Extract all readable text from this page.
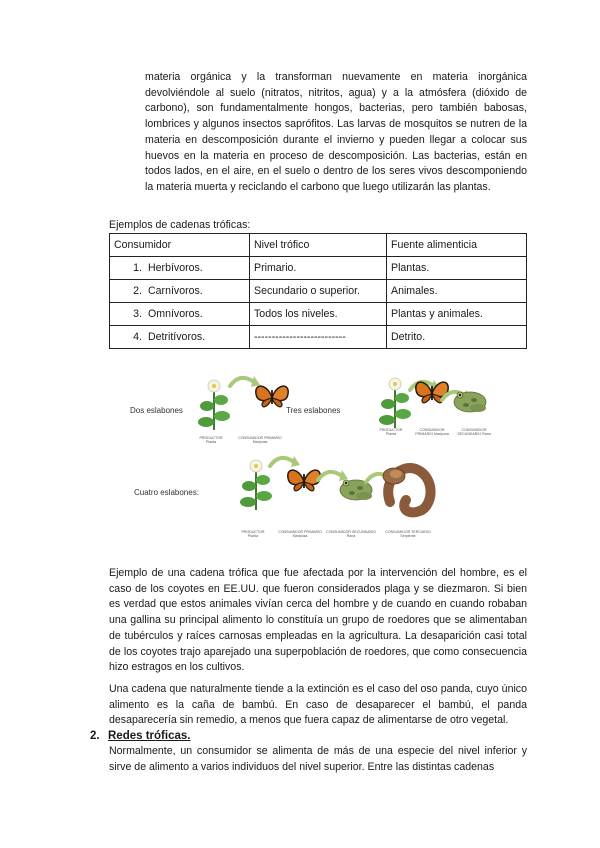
materia orgánica y la transforman nuevamente en materia inorgánica devolviéndole al suelo (nitratos, nitritos, agua) y a la atmósfera (dióxido de carbono), son fundamentalmente hongos, bacterias, pero también babosas, lombrices y algunos insectos saprófitos. Las larvas de mosquitos se nutren de la materia en descomposición durante el invierno y pueden llegar a colocar sus huevos en la materia en proceso de descomposición. Las bacterias, están en todos lados, en el aire, en el suelo o dentro de los seres vivos descomponiendo la materia muerta y reciclando el carbono que luego utilizarán las plantas.
Ejemplos de cadenas tróficas:
Consumidor	Nivel trófico	Fuente alimenticia
1. Herbívoros.	Primario.	Plantas.
2. Carnívoros.	Secundario o superior.	Animales.
3. Omnívoros.	Todos los niveles.	Plantas y animales.
4. Detritívoros.	--------------------------	Detrito.
Dos eslabones	Tres eslabones
Cuatro eslabones:
PRODUCTOR Planta
CONSUMIDOR PRIMARIO Mariposa
PRODUCTOR Planta
CONSUMIDOR PRIMARIO Mariposa
CONSUMIDOR SECUNDARIO Rana
PRODUCTOR Planta
CONSUMIDOR PRIMARIO Mariposa
CONSUMIDOR SECUNDARIO Rana
CONSUMIDOR TERCIARIO Serpiente
Ejemplo de una cadena trófica que fue afectada por la intervención del hombre, es el caso de los coyotes en EE.UU. que fueron considerados plaga y se diezmaron. Si bien es verdad que estos animales vivían cerca del hombre y de cuando en cuando robaban una gallina su principal alimento lo constituía un grupo de roedores que se alimentaban de tubérculos y raíces carnosas empleadas en la agricultura. La desaparición casi total de los coyotes trajo aparejado una superpoblación de roedores, que como consecuencia hizo estragos en los cultivos.
Una cadena que naturalmente tiende a la extinción es el caso del oso panda, cuyo único alimento es la caña de bambú. En caso de desaparecer el bambú, el panda desaparecería sin remedio, a menos que fuera capaz de alimentarse de otro vegetal.
2. Redes tróficas.
Normalmente, un consumidor se alimenta de más de una especie del nivel inferior y sirve de alimento a varios individuos del nivel superior. Entre las distintas cadenas
